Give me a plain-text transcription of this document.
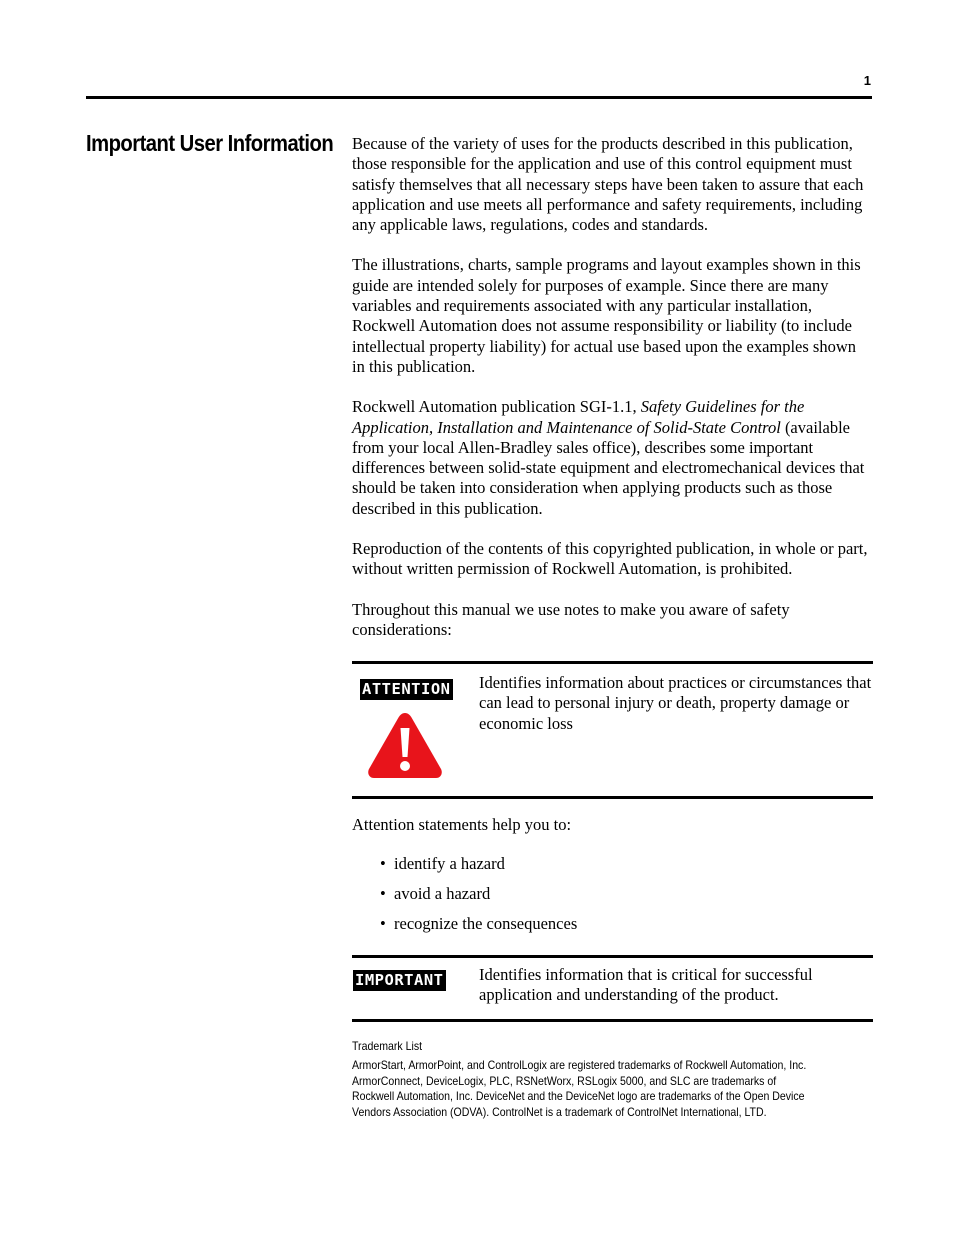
1
Important User Information Because of the variety of uses for the products described in this publication, those responsible for the application and use of this control equipment must satisfy themselves that all necessary steps have been taken to assure that each application and use meets all performance and safety requirements, including any applicable laws, regulations, codes and standards.

The illustrations, charts, sample programs and layout examples shown in this guide are intended solely for purposes of example. Since there are many variables and requirements associated with any particular installation, Rockwell Automation does not assume responsibility or liability (to include intellectual property liability) for actual use based upon the examples shown in this publication.

Rockwell Automation publication SGI-1.1, Safety Guidelines for the Application, Installation and Maintenance of Solid-State Control (available from your local Allen-Bradley sales office), describes some important differences between solid-state equipment and electromechanical devices that should be taken into consideration when applying products such as those described in this publication.

Reproduction of the contents of this copyrighted publication, in whole or part, without written permission of Rockwell Automation, is prohibited.

Throughout this manual we use notes to make you aware of safety considerations:

ATTENTION Identifies information about practices or circumstances that can lead to personal injury or death, property damage or economic loss

Attention statements help you to:

• identify a hazard
• avoid a hazard
• recognize the consequences
IMPORTANT Identifies information that is critical for successful application and understanding of the product.

Trademark List

ArmorStart, ArmorPoint, and ControlLogix are registered trademarks of Rockwell Automation, Inc.

ArmorConnect, DeviceLogix, PLC, RSNetWorx, RSLogix 5000, and SLC are trademarks of Rockwell Automation, Inc. DeviceNet and the DeviceNet logo are trademarks of the Open Device Vendors Association (ODVA). ControlNet is a trademark of ControlNet International, LTD.
